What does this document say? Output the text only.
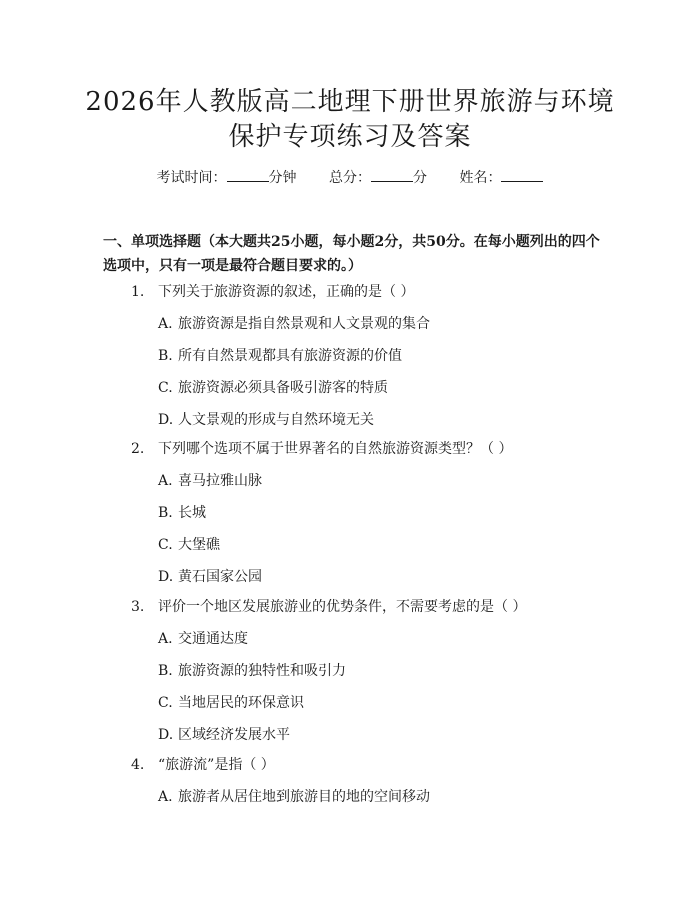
2026年人教版高二地理下册世界旅游与环境
保护专项练习及答案
考试时间：	分钟 总分：	分 姓名：

一、单项选择题（本大题共25小题，每小题2分，共50分。在每小题列出的四个选项中，只有一项是最符合题目要求的。）

1. 下列关于旅游资源的叙述，正确的是（ ）
A. 旅游资源是指自然景观和人文景观的集合
B. 所有自然景观都具有旅游资源的价值
C. 旅游资源必须具备吸引游客的特质
D. 人文景观的形成与自然环境无关
2. 下列哪个选项不属于世界著名的自然旅游资源类型？（ ）
A. 喜马拉雅山脉
B. 长城
C. 大堡礁
D. 黄石国家公园
3. 评价一个地区发展旅游业的优势条件，不需要考虑的是（ ）
A. 交通通达度
B. 旅游资源的独特性和吸引力
C. 当地居民的环保意识
D. 区域经济发展水平
4. “旅游流”是指（ ）
A. 旅游者从居住地到旅游目的地的空间移动
